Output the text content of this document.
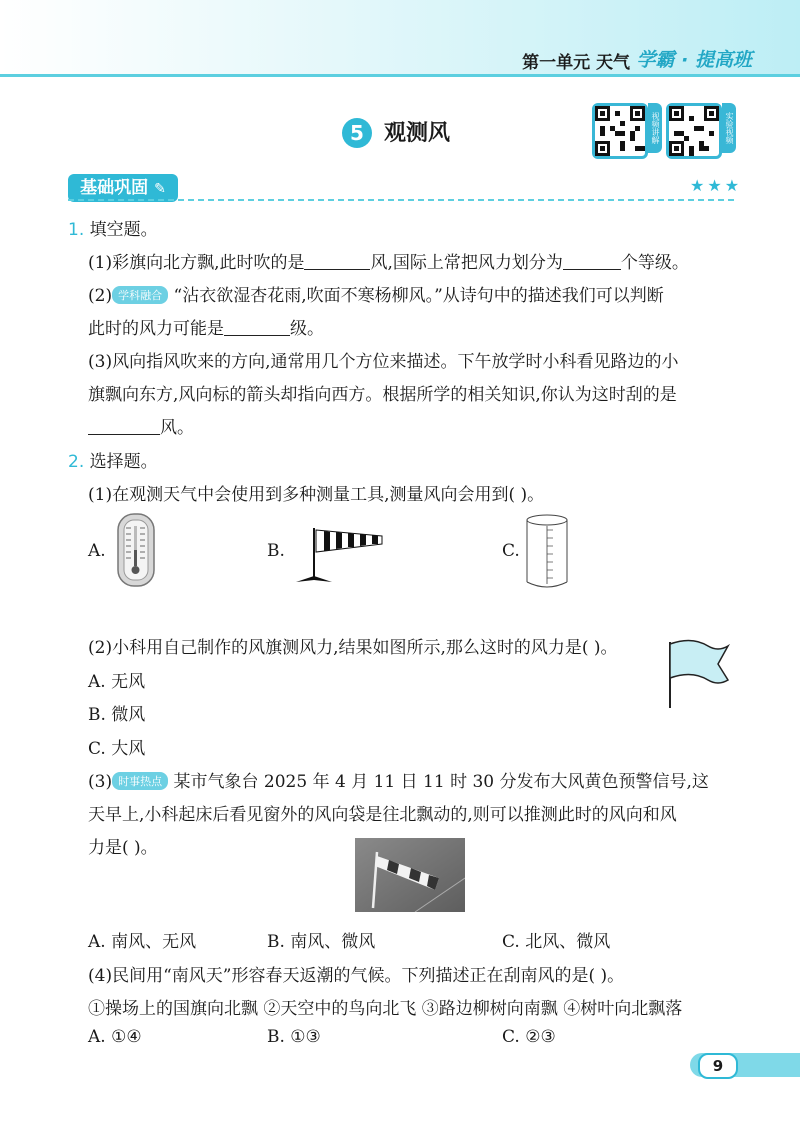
第一单元 天气 学霸 · 提高班
5 观测风	视频讲解	实验视频
基础巩固 ✎	★★★
1. 填空题。
(1)彩旗向北方飘,此时吹的是	风,国际上常把风力划分为	个等级。
(2) 学科融合 “沾衣欲湿杏花雨,吹面不寒杨柳风。”从诗句中的描述我们可以判断
此时的风力可能是	级。
(3)风向指风吹来的方向,通常用几个方位来描述。下午放学时小科看见路边的小
旗飘向东方,风向标的箭头却指向西方。根据所学的相关知识,你认为这时刮的是
风。
2. 选择题。
(1)在观测天气中会使用到多种测量工具,测量风向会用到( )。
A.	B.	C.
(2)小科用自己制作的风旗测风力,结果如图所示,那么这时的风力是( )。
A. 无风
B. 微风
C. 大风
(3) 时事热点 某市气象台 2025 年 4 月 11 日 11 时 30 分发布大风黄色预警信号,这
天早上,小科起床后看见窗外的风向袋是往北飘动的,则可以推测此时的风向和风
力是( )。
A. 南风、无风	B. 南风、微风	C. 北风、微风
(4)民间用“南风天”形容春天返潮的气候。下列描述正在刮南风的是( )。
①操场上的国旗向北飘 ②天空中的鸟向北飞 ③路边柳树向南飘 ④树叶向北飘落
A. ①④	B. ①③	C. ②③
9
